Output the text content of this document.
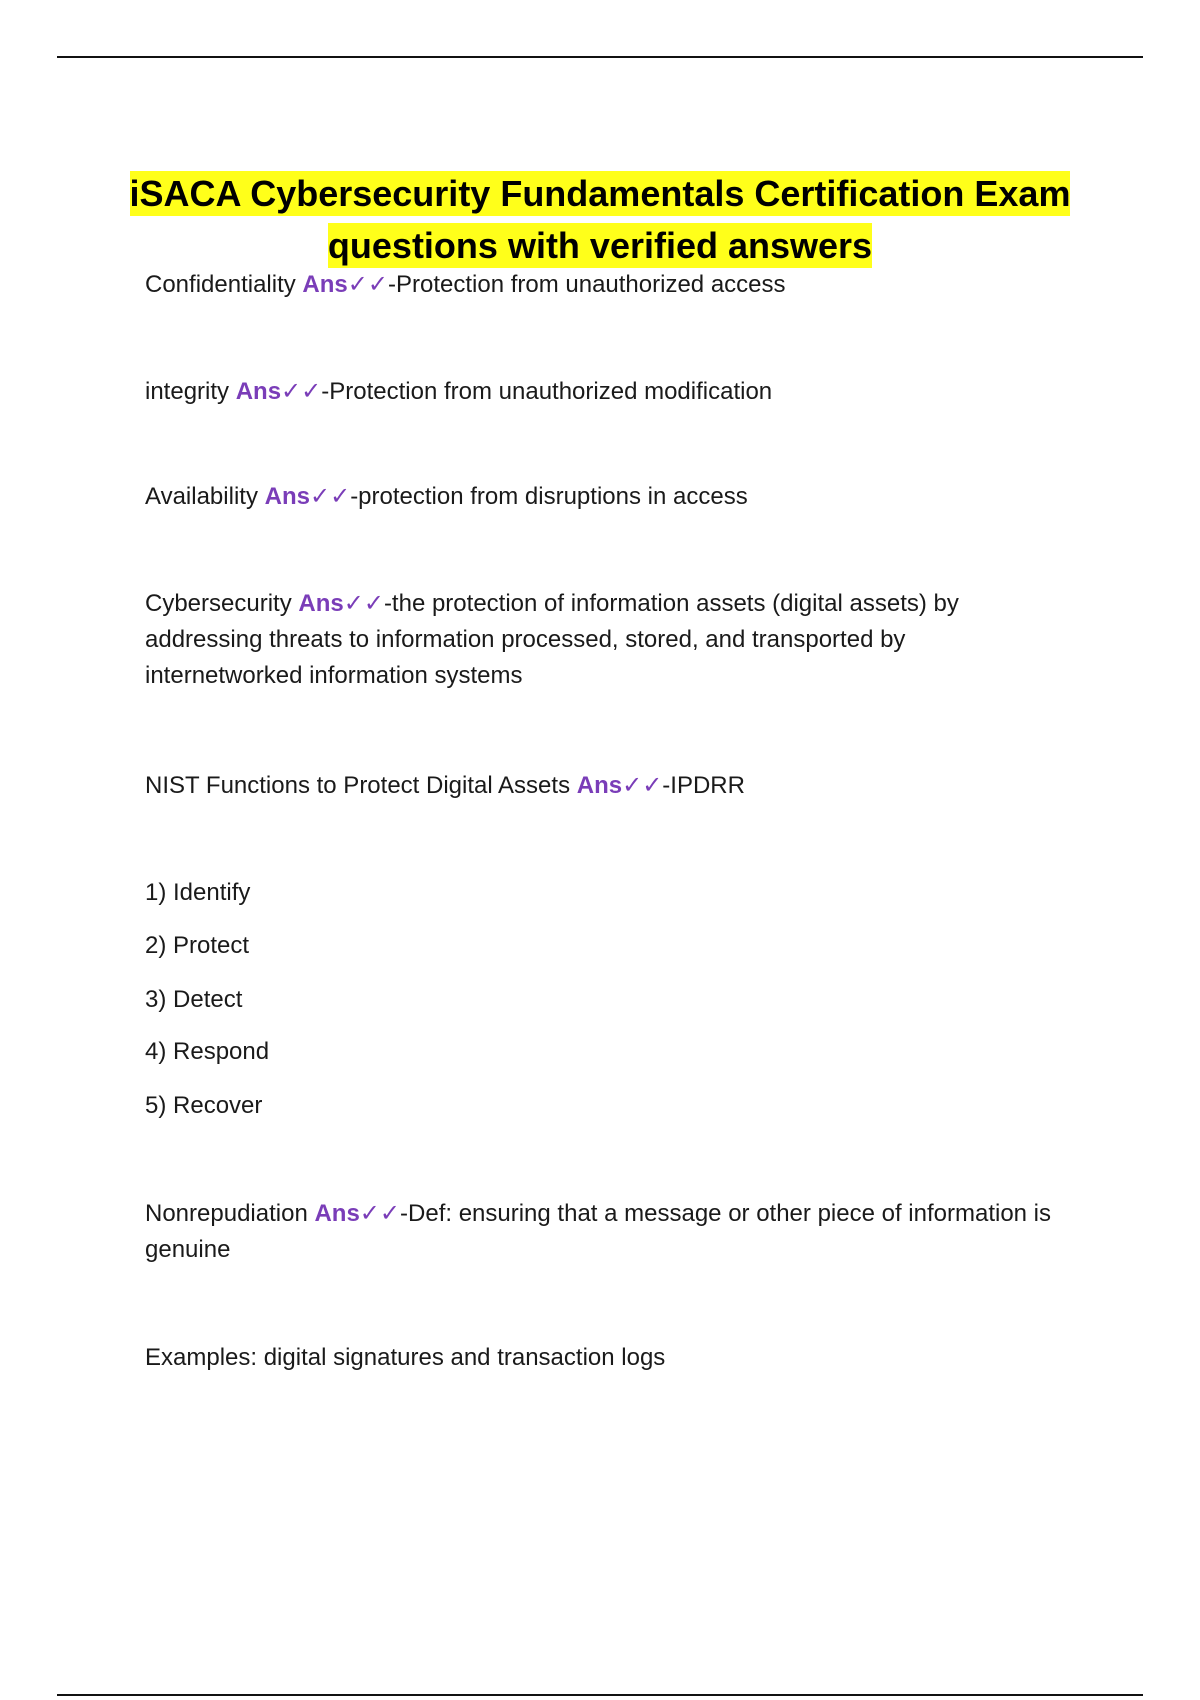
iSACA Cybersecurity Fundamentals Certification Exam questions with verified answers

Confidentiality Ans✓✓-Protection from unauthorized access

integrity Ans✓✓-Protection from unauthorized modification

Availability Ans✓✓-protection from disruptions in access

Cybersecurity Ans✓✓-the protection of information assets (digital assets) by addressing threats to information processed, stored, and transported by internetworked information systems

NIST Functions to Protect Digital Assets Ans✓✓-IPDRR

1) Identify

2) Protect

3) Detect

4) Respond

5) Recover

Nonrepudiation Ans✓✓-Def: ensuring that a message or other piece of information is genuine

Examples: digital signatures and transaction logs
